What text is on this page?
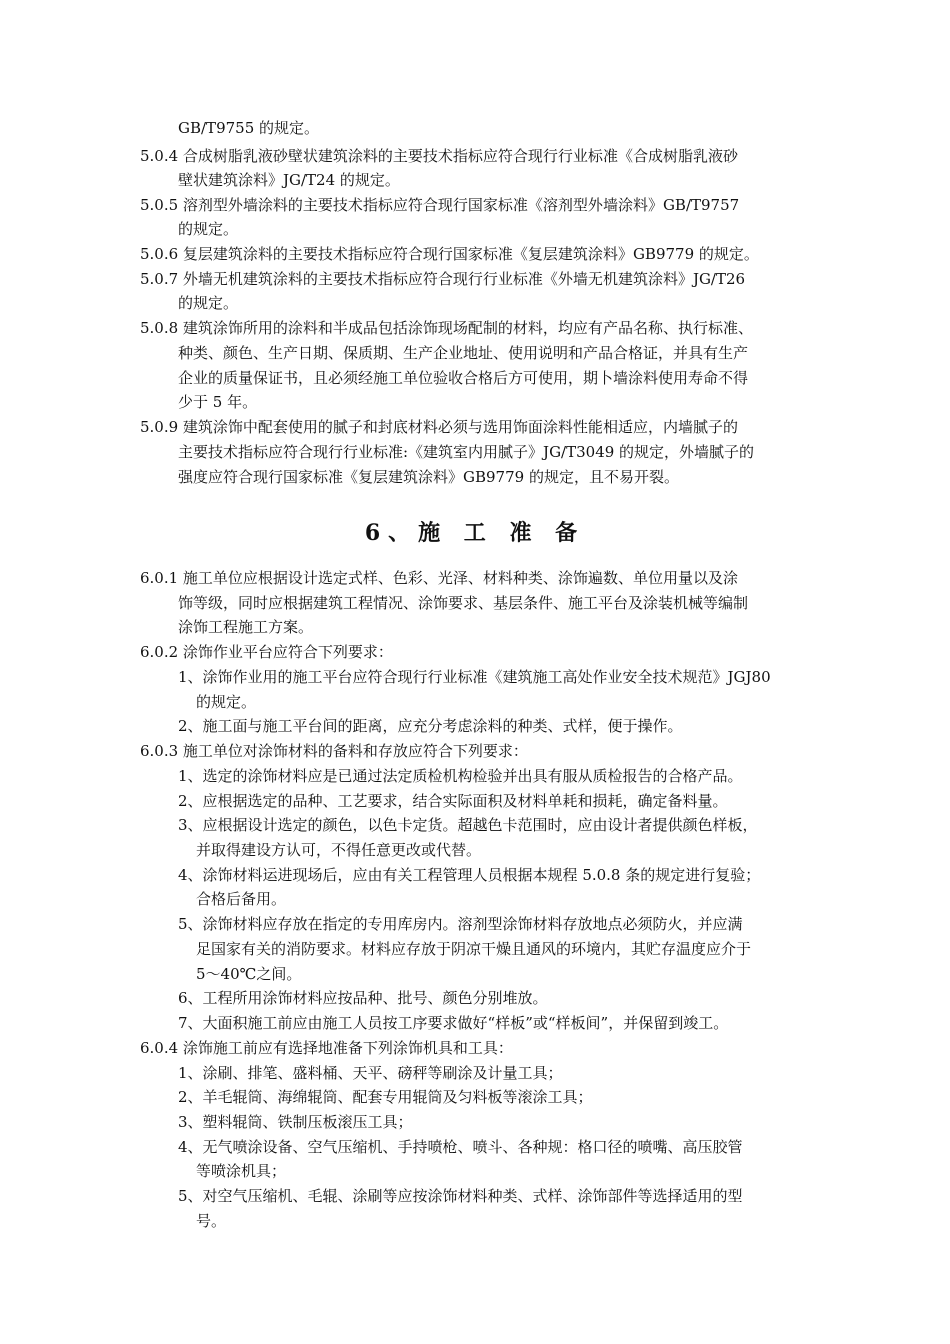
GB/T9755 的规定。

5.0.4 合成树脂乳液砂壁状建筑涂料的主要技术指标应符合现行行业标准《合成树脂乳液砂

壁状建筑涂料》JG/T24 的规定。

5.0.5 溶剂型外墙涂料的主要技术指标应符合现行国家标准《溶剂型外墙涂料》GB/T9757

的规定。

5.0.6 复层建筑涂料的主要技术指标应符合现行国家标准《复层建筑涂料》GB9779 的规定。

5.0.7 外墙无机建筑涂料的主要技术指标应符合现行行业标准《外墙无机建筑涂料》JG/T26

的规定。

5.0.8 建筑涂饰所用的涂料和半成品包括涂饰现场配制的材料，均应有产品名称、执行标准、

种类、颜色、生产日期、保质期、生产企业地址、使用说明和产品合格证，并具有生产

企业的质量保证书，且必须经施工单位验收合格后方可使用，期卜墙涂料使用寿命不得

少于 5 年。

5.0.9 建筑涂饰中配套使用的腻子和封底材料必须与选用饰面涂料性能相适应，内墙腻子的

主要技术指标应符合现行行业标准:《建筑室内用腻子》JG/T3049 的规定，外墙腻子的

强度应符合现行国家标准《复层建筑涂料》GB9779 的规定，且不易开裂。

6、施 工 准 备

6.0.1 施工单位应根据设计选定式样、色彩、光泽、材料种类、涂饰遍数、单位用量以及涂

饰等级，同时应根据建筑工程情况、涂饰要求、基层条件、施工平台及涂装机械等编制

涂饰工程施工方案。

6.0.2 涂饰作业平台应符合下列要求：

1、涂饰作业用的施工平台应符合现行行业标准《建筑施工高处作业安全技术规范》JGJ80

的规定。

2、施工面与施工平台间的距离，应充分考虑涂料的种类、式样，便于操作。

6.0.3 施工单位对涂饰材料的备料和存放应符合下列要求：

1、选定的涂饰材料应是已通过法定质检机构检验并出具有服从质检报告的合格产品。

2、应根据选定的品种、工艺要求，结合实际面积及材料单耗和损耗，确定备料量。

3、应根据设计选定的颜色，以色卡定货。超越色卡范围时，应由设计者提供颜色样板，

并取得建设方认可，不得任意更改或代替。

4、涂饰材料运进现场后，应由有关工程管理人员根据本规程 5.0.8 条的规定进行复验；

合格后备用。

5、涂饰材料应存放在指定的专用库房内。溶剂型涂饰材料存放地点必须防火，并应满

足国家有关的消防要求。材料应存放于阴凉干燥且通风的环境内，其贮存温度应介于

5～40℃之间。

6、工程所用涂饰材料应按品种、批号、颜色分别堆放。

7、大面积施工前应由施工人员按工序要求做好“样板”或“样板间”，并保留到竣工。

6.0.4 涂饰施工前应有选择地准备下列涂饰机具和工具：

1、涂刷、排笔、盛料桶、天平、磅秤等刷涂及计量工具；

2、羊毛辊筒、海绵辊筒、配套专用辊筒及匀料板等滚涂工具；

3、塑料辊筒、铁制压板滚压工具；

4、无气喷涂设备、空气压缩机、手持喷枪、喷斗、各种规：格口径的喷嘴、高压胶管

等喷涂机具；

5、对空气压缩机、毛辊、涂刷等应按涂饰材料种类、式样、涂饰部件等选择适用的型

号。
